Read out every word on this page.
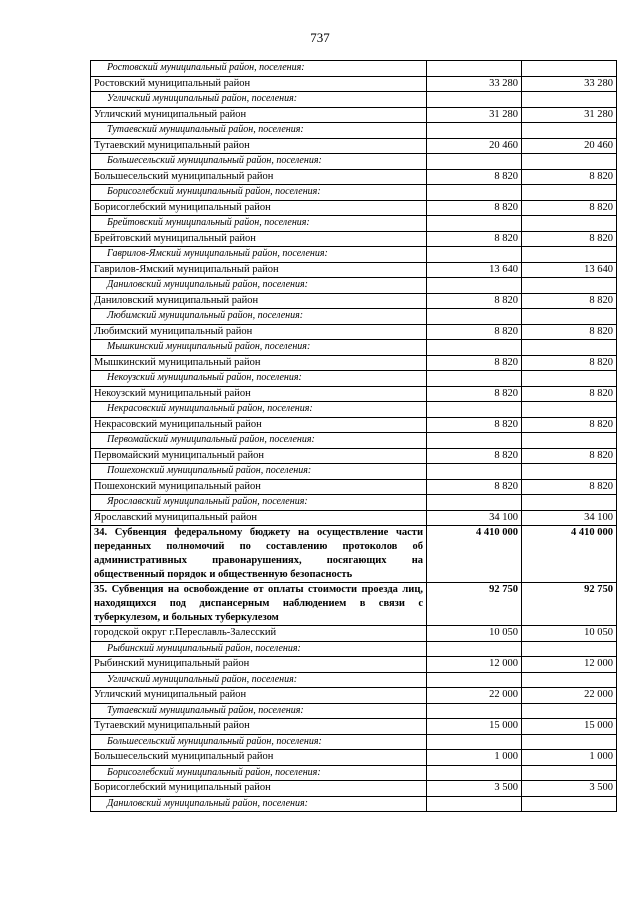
737
Ростовский муниципальный район, поселения:		
Ростовский муниципальный район	33 280	33 280
Угличский муниципальный район, поселения:		
Угличский муниципальный район	31 280	31 280
Тутаевский муниципальный район, поселения:		
Тутаевский муниципальный район	20 460	20 460
Большесельский муниципальный район, поселения:		
Большесельский муниципальный район	8 820	8 820
Борисоглебский муниципальный район, поселения:		
Борисоглебский муниципальный район	8 820	8 820
Брейтовский муниципальный район, поселения:		
Брейтовский муниципальный район	8 820	8 820
Гаврилов-Ямский муниципальный район, поселения:		
Гаврилов-Ямский муниципальный район	13 640	13 640
Даниловский муниципальный район, поселения:		
Даниловский муниципальный район	8 820	8 820
Любимский муниципальный район, поселения:		
Любимский муниципальный район	8 820	8 820
Мышкинский муниципальный район, поселения:		
Мышкинский муниципальный район	8 820	8 820
Некоузский муниципальный район, поселения:		
Некоузский муниципальный район	8 820	8 820
Некрасовский муниципальный район, поселения:		
Некрасовский муниципальный район	8 820	8 820
Первомайский муниципальный район, поселения:		
Первомайский муниципальный район	8 820	8 820
Пошехонский муниципальный район, поселения:		
Пошехонский муниципальный район	8 820	8 820
Ярославский муниципальный район, поселения:		
Ярославский муниципальный район	34 100	34 100
34. Субвенция федеральному бюджету на осуществление части переданных полномочий по составлению протоколов об административных правонарушениях, посягающих на общественный порядок и общественную безопасность	4 410 000	4 410 000
35. Субвенция на освобождение от оплаты стоимости проезда лиц, находящихся под диспансерным наблюдением в связи с туберкулезом, и больных туберкулезом	92 750	92 750
городской округ г.Переславль-Залесский	10 050	10 050
Рыбинский муниципальный район, поселения:		
Рыбинский муниципальный район	12 000	12 000
Угличский муниципальный район, поселения:		
Угличский муниципальный район	22 000	22 000
Тутаевский муниципальный район, поселения:		
Тутаевский муниципальный район	15 000	15 000
Большесельский муниципальный район, поселения:		
Большесельский муниципальный район	1 000	1 000
Борисоглебский муниципальный район, поселения:		
Борисоглебский муниципальный район	3 500	3 500
Даниловский муниципальный район, поселения:		
